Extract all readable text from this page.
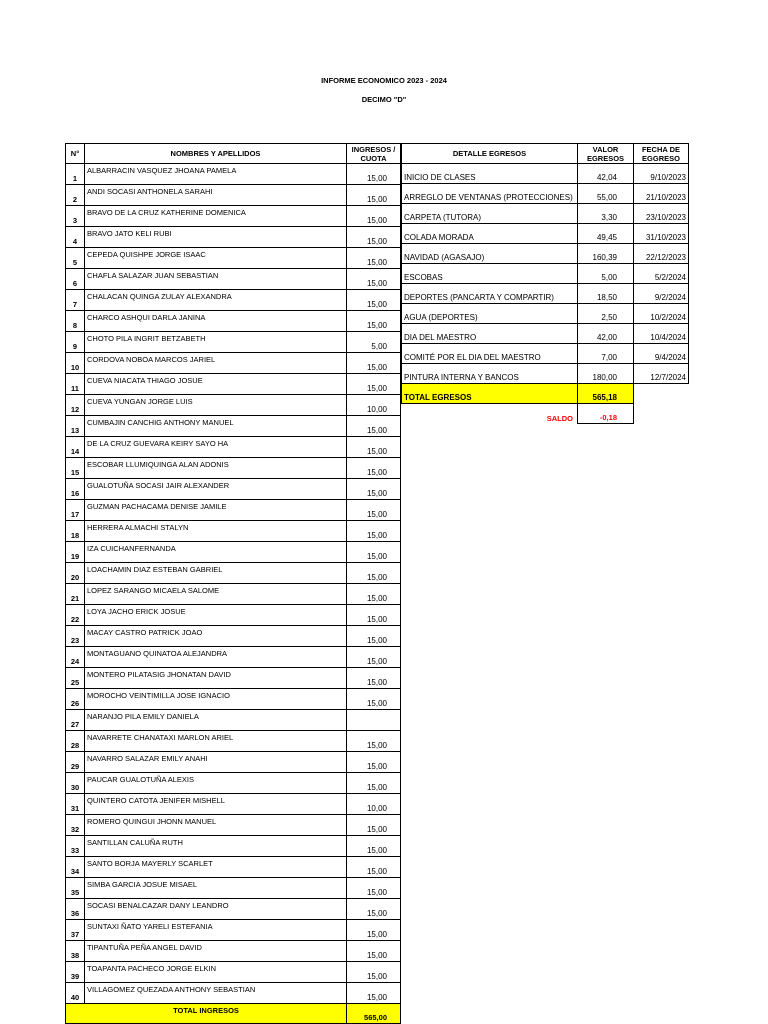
INFORME ECONOMICO 2023 - 2024
DECIMO "D"
N°	NOMBRES Y APELLIDOS	INGRESOS / CUOTA
1	ALBARRACIN VASQUEZ JHOANA PAMELA	15,00
2	ANDI SOCASI ANTHONELA SARAHI	15,00
3	BRAVO DE LA CRUZ KATHERINE DOMENICA	15,00
4	BRAVO JATO KELI RUBI	15,00
5	CEPEDA QUISHPE JORGE ISAAC	15,00
6	CHAFLA SALAZAR JUAN SEBASTIAN	15,00
7	CHALACAN QUINGA ZULAY ALEXANDRA	15,00
8	CHARCO ASHQUI DARLA JANINA	15,00
9	CHOTO PILA INGRIT BETZABETH	5,00
10	CORDOVA NOBOA MARCOS JARIEL	15,00
11	CUEVA NIACATA THIAGO JOSUE	15,00
12	CUEVA YUNGAN JORGE LUIS	10,00
13	CUMBAJIN CANCHIG ANTHONY MANUEL	15,00
14	DE LA CRUZ GUEVARA KEIRY SAYO HA	15,00
15	ESCOBAR LLUMIQUINGA ALAN ADONIS	15,00
16	GUALOTUÑA SOCASI JAIR ALEXANDER	15,00
17	GUZMAN PACHACAMA DENISE JAMILE	15,00
18	HERRERA ALMACHI STALYN	15,00
19	IZA CUICHANFERNANDA	15,00
20	LOACHAMIN DIAZ ESTEBAN GABRIEL	15,00
21	LOPEZ SARANGO MICAELA SALOME	15,00
22	LOYA JACHO ERICK JOSUE	15,00
23	MACAY CASTRO PATRICK JOAO	15,00
24	MONTAGUANO QUINATOA ALEJANDRA	15,00
25	MONTERO PILATASIG JHONATAN DAVID	15,00
26	MOROCHO VEINTIMILLA JOSE IGNACIO	15,00
27	NARANJO PILA EMILY DANIELA	
28	NAVARRETE CHANATAXI MARLON ARIEL	15,00
29	NAVARRO SALAZAR EMILY ANAHI	15,00
30	PAUCAR GUALOTUÑA ALEXIS	15,00
31	QUINTERO CATOTA JENIFER MISHELL	10,00
32	ROMERO QUINGUI JHONN MANUEL	15,00
33	SANTILLAN CALUÑA RUTH	15,00
34	SANTO BORJA MAYERLY SCARLET	15,00
35	SIMBA GARCIA JOSUE MISAEL	15,00
36	SOCASI BENALCAZAR DANY LEANDRO	15,00
37	SUNTAXI ÑATO YARELI ESTEFANIA	15,00
38	TIPANTUÑA PEÑA ANGEL DAVID	15,00
39	TOAPANTA PACHECO JORGE ELKIN	15,00
40	VILLAGOMEZ QUEZADA ANTHONY SEBASTIAN	15,00
TOTAL INGRESOS		565,00
DETALLE EGRESOS	VALOR EGRESOS	FECHA DE EGGRESO
INICIO DE CLASES	42,04	9/10/2023
ARREGLO DE VENTANAS (PROTECCIONES)	55,00	21/10/2023
CARPETA (TUTORA)	3,30	23/10/2023
COLADA MORADA	49,45	31/10/2023
NAVIDAD (AGASAJO)	160,39	22/12/2023
ESCOBAS	5,00	5/2/2024
DEPORTES (PANCARTA Y COMPARTIR)	18,50	9/2/2024
AGUA (DEPORTES)	2,50	10/2/2024
DIA DEL MAESTRO	42,00	10/4/2024
COMITÉ POR EL DIA DEL MAESTRO	7,00	9/4/2024
PINTURA INTERNA Y BANCOS	180,00	12/7/2024
TOTAL EGRESOS	565,18	
SALDO	-0,18	
